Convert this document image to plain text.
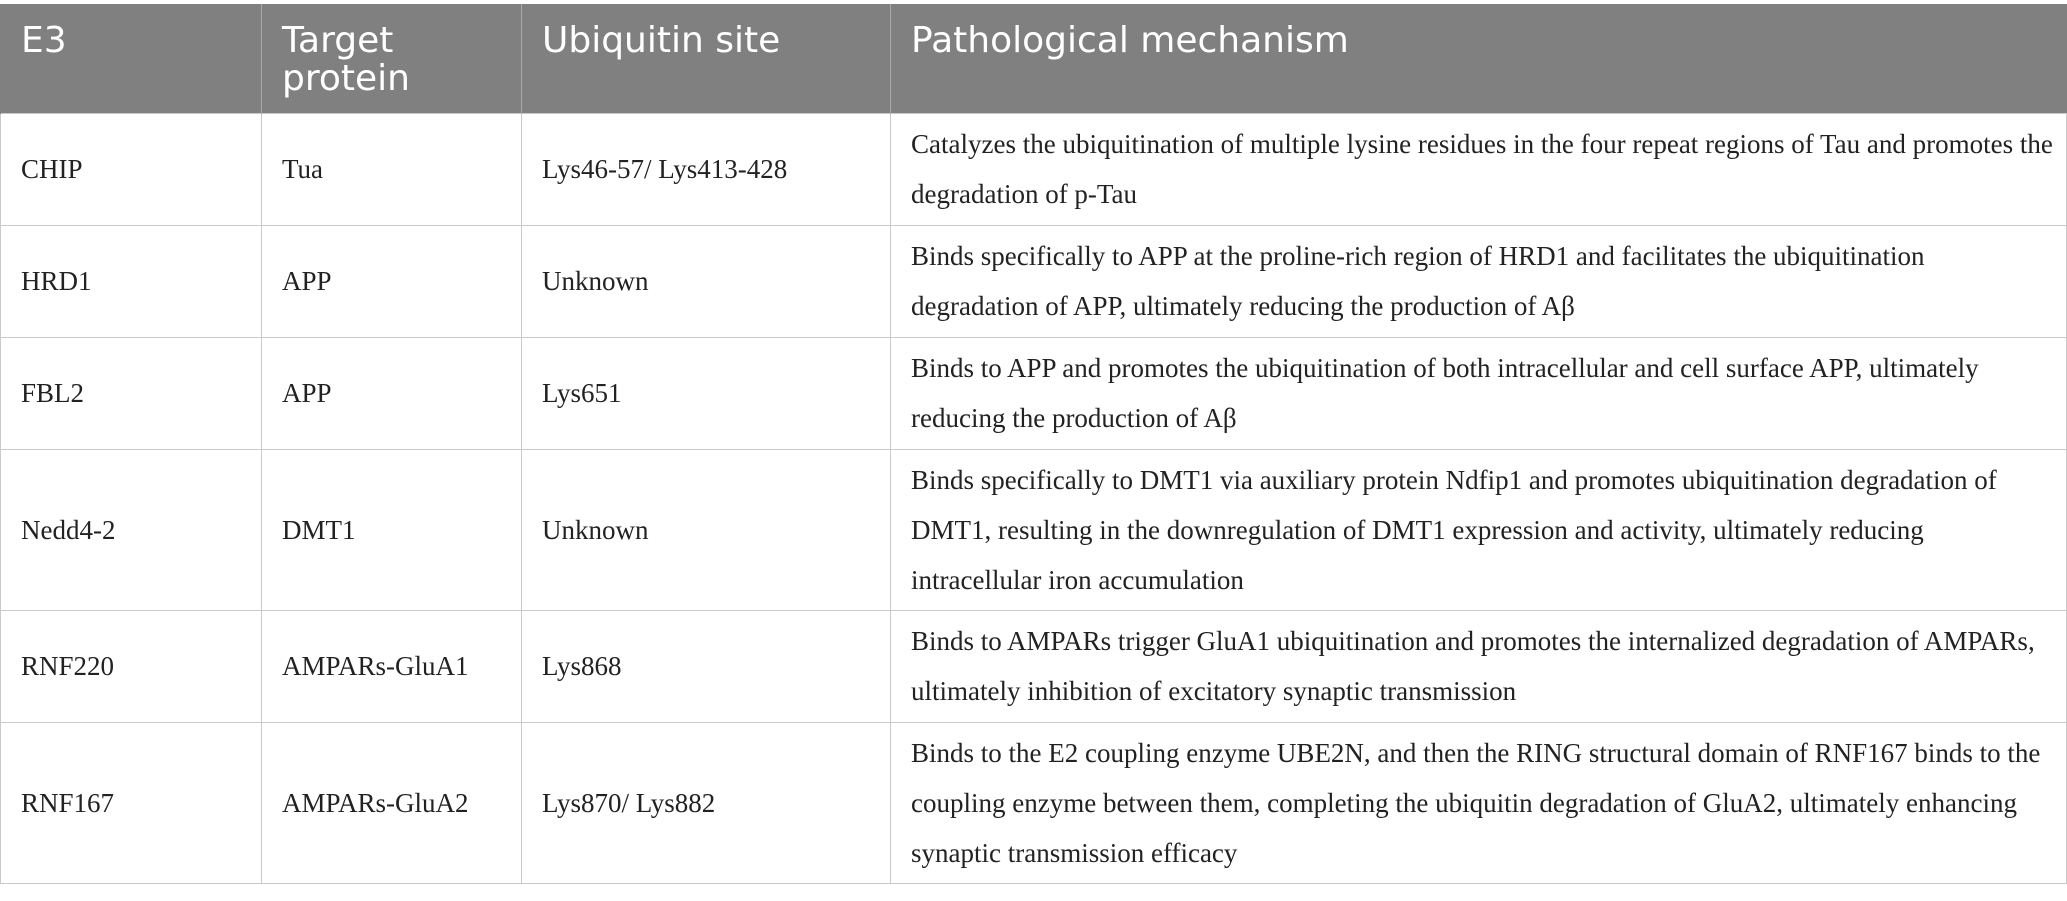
E3	Target protein	Ubiquitin site	Pathological mechanism
CHIP	Tua	Lys46-57/ Lys413-428	Catalyzes the ubiquitination of multiple lysine residues in the four repeat regions of Tau and promotes the degradation of p-Tau
HRD1	APP	Unknown	Binds specifically to APP at the proline-rich region of HRD1 and facilitates the ubiquitination degradation of APP, ultimately reducing the production of Aβ
FBL2	APP	Lys651	Binds to APP and promotes the ubiquitination of both intracellular and cell surface APP, ultimately reducing the production of Aβ
Nedd4-2	DMT1	Unknown	Binds specifically to DMT1 via auxiliary protein Ndfip1 and promotes ubiquitination degradation of DMT1, resulting in the downregulation of DMT1 expression and activity, ultimately reducing intracellular iron accumulation
RNF220	AMPARs-GluA1	Lys868	Binds to AMPARs trigger GluA1 ubiquitination and promotes the internalized degradation of AMPARs, ultimately inhibition of excitatory synaptic transmission
RNF167	AMPARs-GluA2	Lys870/ Lys882	Binds to the E2 coupling enzyme UBE2N, and then the RING structural domain of RNF167 binds to the coupling enzyme between them, completing the ubiquitin degradation of GluA2, ultimately enhancing synaptic transmission efficacy
